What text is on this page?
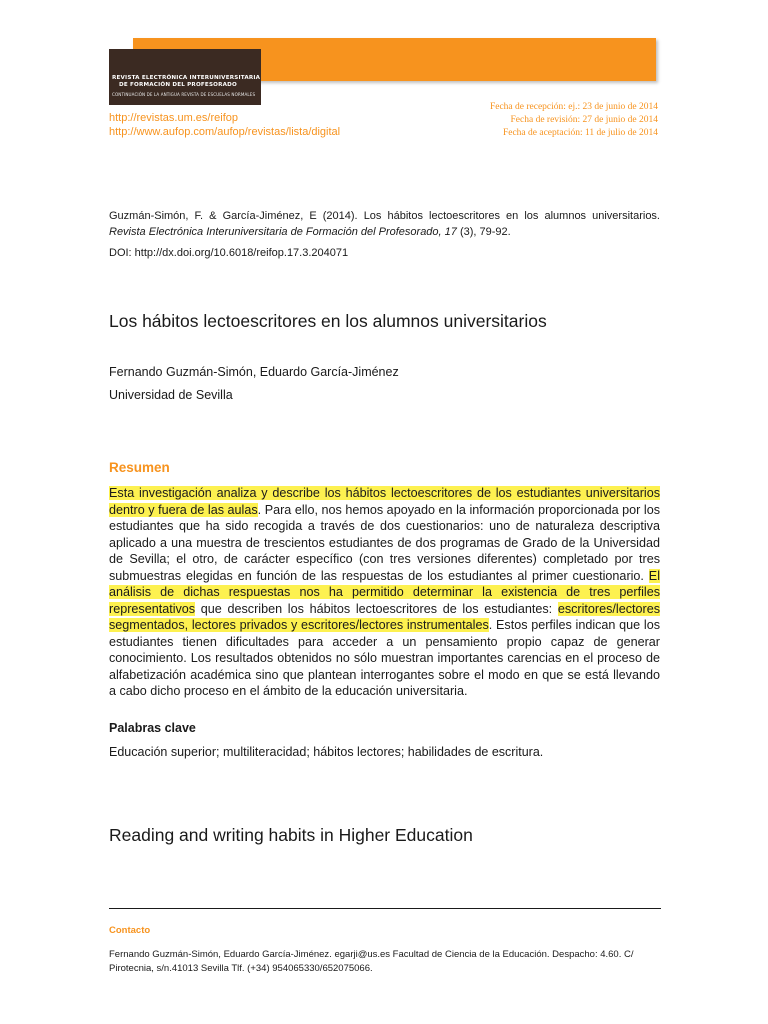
REVISTA ELECTRÓNICA INTERUNIVERSITARIA
DE FORMACIÓN DEL PROFESORADO
CONTINUACIÓN DE LA ANTIGUA REVISTA DE ESCUELAS NORMALES
http://revistas.um.es/reifop
http://www.aufop.com/aufop/revistas/lista/digital
Fecha de recepción: ej.: 23 de junio de 2014
Fecha de revisión: 27 de junio de 2014
Fecha de aceptación: 11 de julio de 2014
Guzmán-Simón, F. & García-Jiménez, E (2014). Los hábitos lectoescritores en los alumnos universitarios. Revista Electrónica Interuniversitaria de Formación del Profesorado, 17 (3), 79-92.
DOI: http://dx.doi.org/10.6018/reifop.17.3.204071
Los hábitos lectoescritores en los alumnos universitarios
Fernando Guzmán-Simón, Eduardo García-Jiménez
Universidad de Sevilla
Resumen
Esta investigación analiza y describe los hábitos lectoescritores de los estudiantes universitarios dentro y fuera de las aulas. Para ello, nos hemos apoyado en la información proporcionada por los estudiantes que ha sido recogida a través de dos cuestionarios: uno de naturaleza descriptiva aplicado a una muestra de trescientos estudiantes de dos programas de Grado de la Universidad de Sevilla; el otro, de carácter específico (con tres versiones diferentes) completado por tres submuestras elegidas en función de las respuestas de los estudiantes al primer cuestionario. El análisis de dichas respuestas nos ha permitido determinar la existencia de tres perfiles representativos que describen los hábitos lectoescritores de los estudiantes: escritores/lectores segmentados, lectores privados y escritores/lectores instrumentales. Estos perfiles indican que los estudiantes tienen dificultades para acceder a un pensamiento propio capaz de generar conocimiento. Los resultados obtenidos no sólo muestran importantes carencias en el proceso de alfabetización académica sino que plantean interrogantes sobre el modo en que se está llevando a cabo dicho proceso en el ámbito de la educación universitaria.
Palabras clave
Educación superior; multiliteracidad; hábitos lectores; habilidades de escritura.
Reading and writing habits in Higher Education
Contacto
Fernando Guzmán-Simón, Eduardo García-Jiménez. egarji@us.es Facultad de Ciencia de la Educación. Despacho: 4.60. C/ Pirotecnia, s/n.41013 Sevilla Tlf. (+34) 954065330/652075066.
